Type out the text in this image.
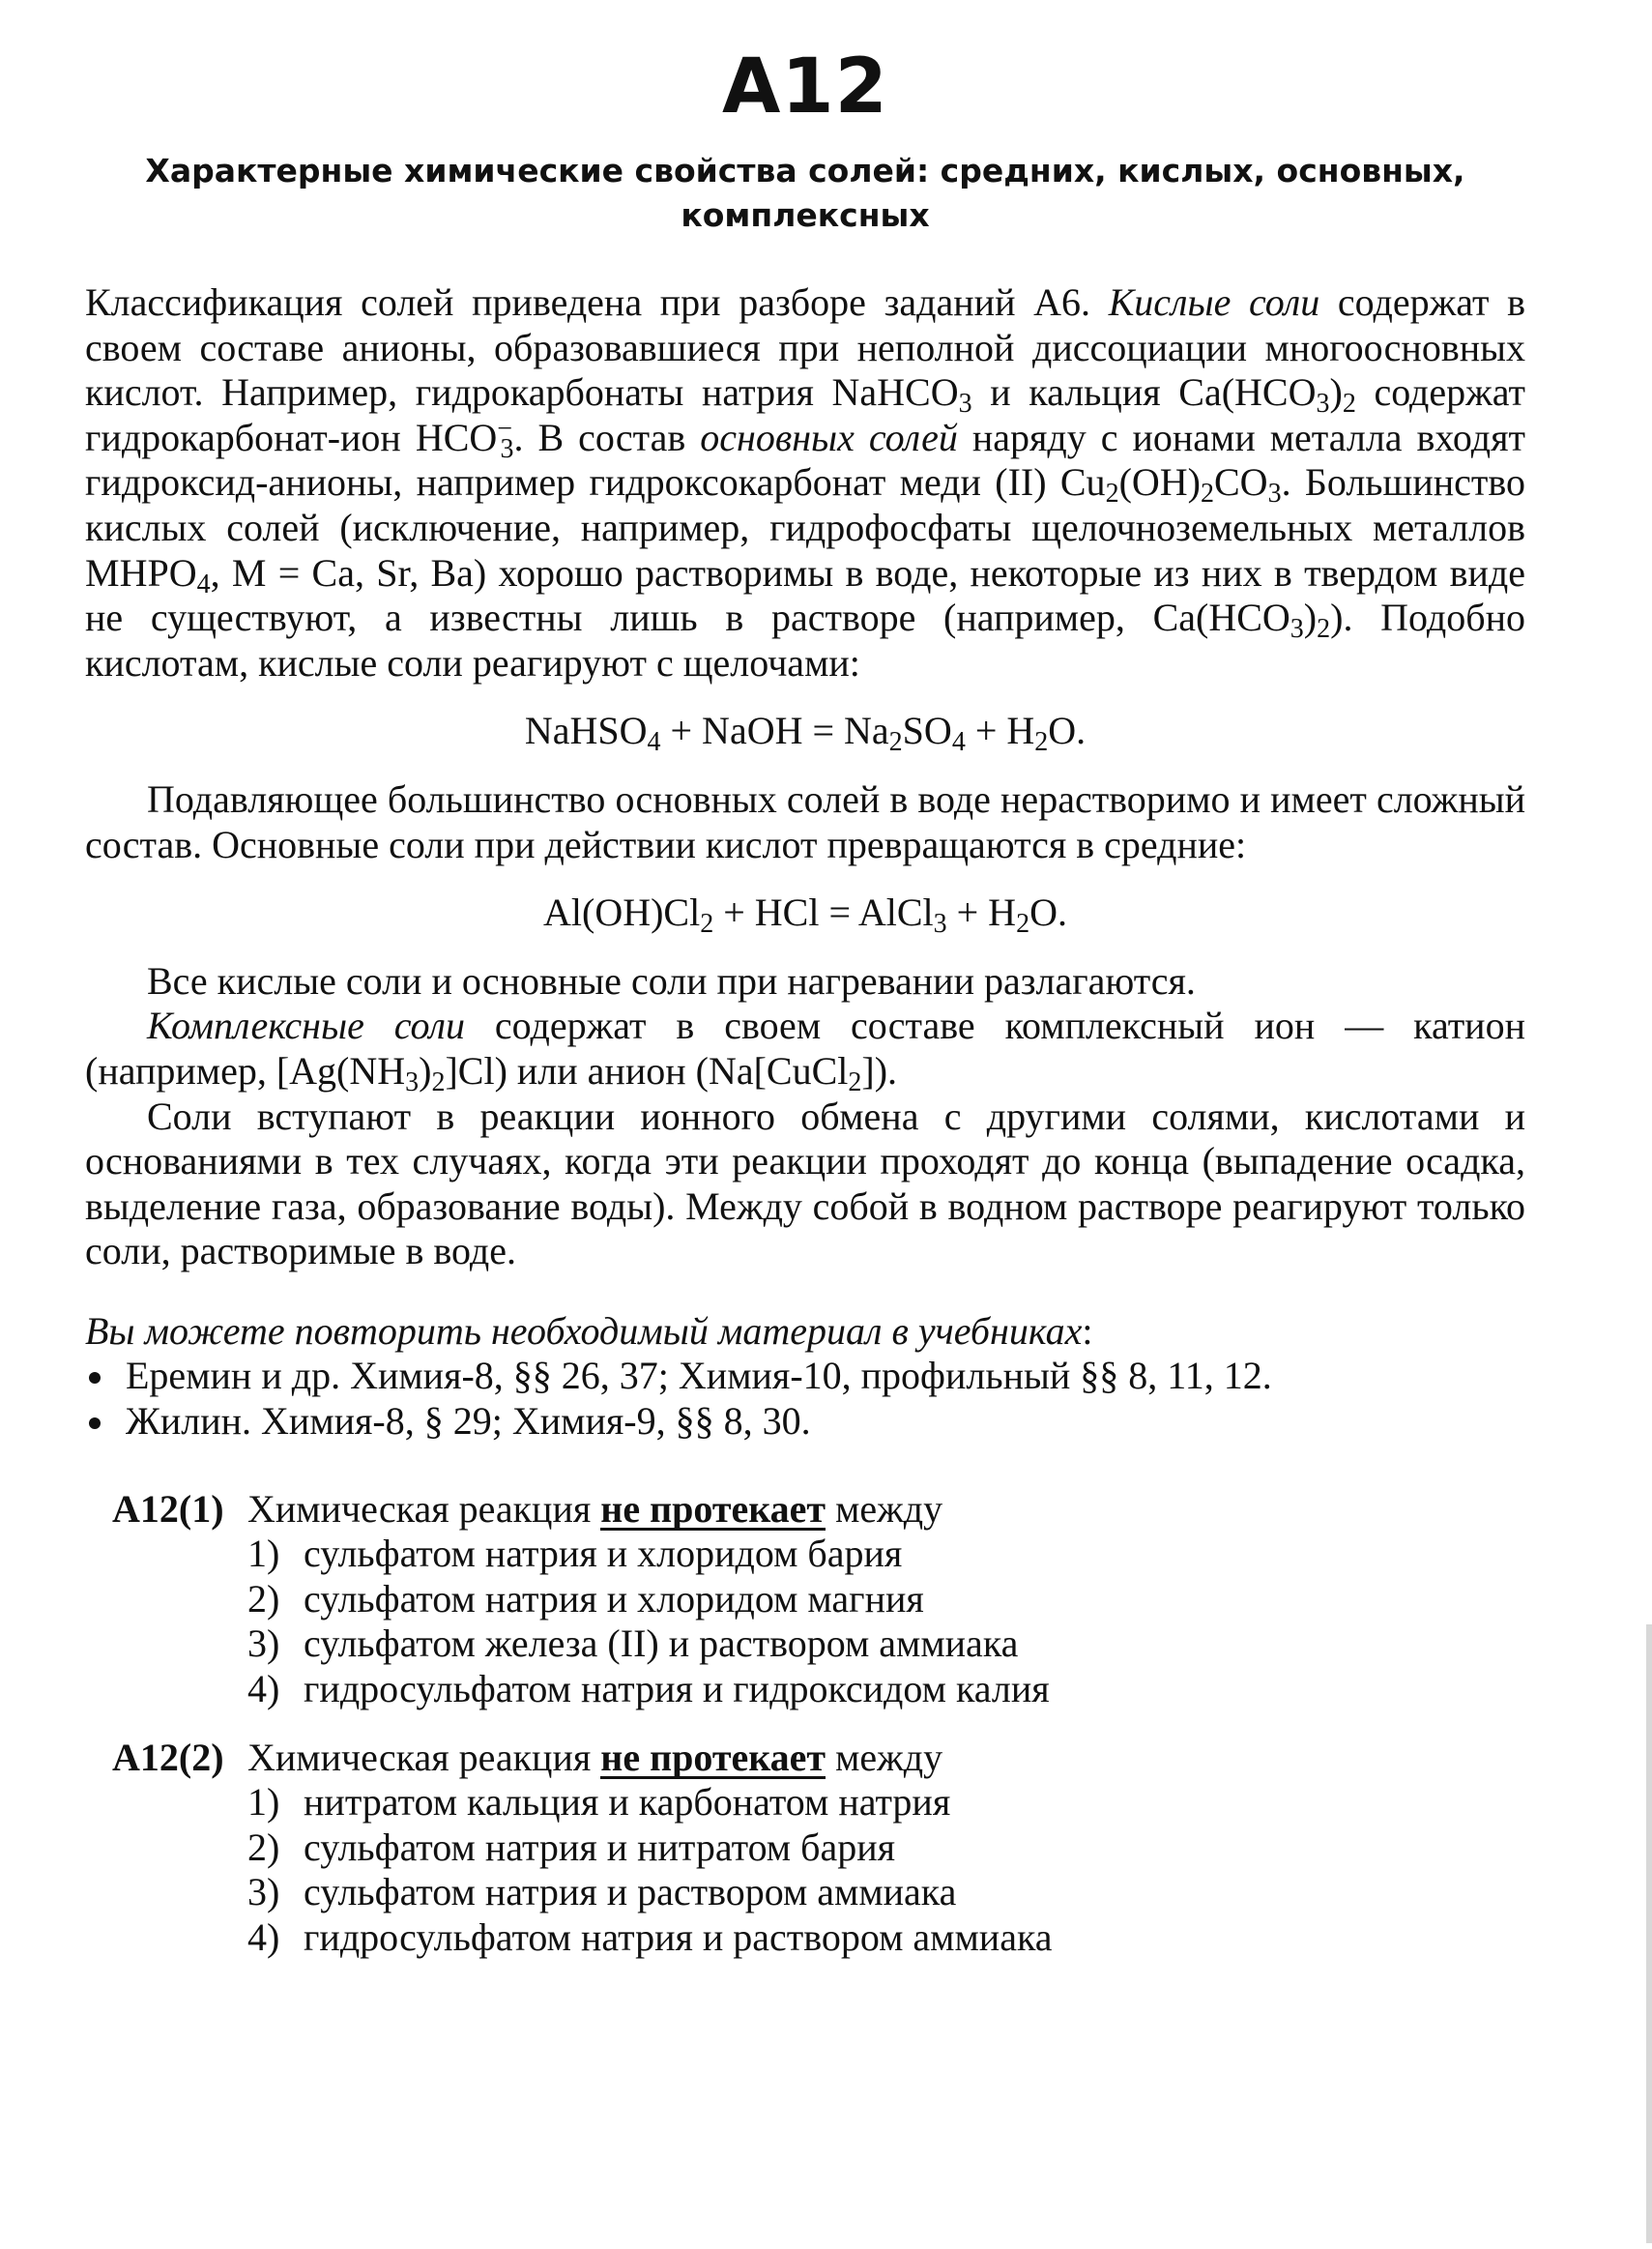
A12
Характерные химические свойства солей: средних, кислых, основных,
комплексных

Классификация солей приведена при разборе заданий A6. Кислые соли содержат в своем составе анионы, образовавшиеся при неполной диссоциации многоосновных кислот. Например, гидрокарбонаты натрия NaHCO$_3$ и кальция $Ca(HCO_3)_2$ содержат гидрокарбонат-ион $HCO^-_3$. В состав основных солей наряду с ионами металла входят гидроксид-анионы, например гидроксокарбонат меди (II) $Cu_2(OH)_2CO_3$. Большинство кислых солей (исключение, например, гидрофосфаты щелочноземельных металлов $MHPO_4$, M = Ca, Sr, Ba) хорошо растворимы в воде, некоторые из них в твердом виде не существуют, а известны лишь в растворе (например, $Ca(HCO_3)_2$). Подобно кислотам, кислые соли реагируют с щелочами:

NaHSO$_4$ + NaOH = $Na_2SO_4 + H_2O$.

Подавляющее большинство основных солей в воде нерастворимо и имеет сложный состав. Основные соли при действии кислот превращаются в средние:

$Al(OH)Cl_2$ + HCl = AlCl$_3$ + $H_2O$.

Все кислые соли и основные соли при нагревании разлагаются.

Комплексные соли содержат в своем составе комплексный ион — катион (например, $[Ag(NH_3)_2]Cl$) или анион (Na[CuCl$_2$]).

Соли вступают в реакции ионного обмена с другими солями, кислотами и основаниями в тех случаях, когда эти реакции проходят до конца (выпадение осадка, выделение газа, образование воды). Между собой в водном растворе реагируют только соли, растворимые в воде.

Вы можете повторить необходимый материал в учебниках:
Еремин и др. Химия-8, §§ 26, 37; Химия-10, профильный §§ 8, 11, 12.
Жилин. Химия-8, § 29; Химия-9, §§ 8, 30.
A12(1) Химическая реакция не протекает между
1) сульфатом натрия и хлоридом бария
2) сульфатом натрия и хлоридом магния
3) сульфатом железа (II) и раствором аммиака
4) гидросульфатом натрия и гидроксидом калия
A12(2) Химическая реакция не протекает между
1) нитратом кальция и карбонатом натрия
2) сульфатом натрия и нитратом бария
3) сульфатом натрия и раствором аммиака
4) гидросульфатом натрия и раствором аммиака
